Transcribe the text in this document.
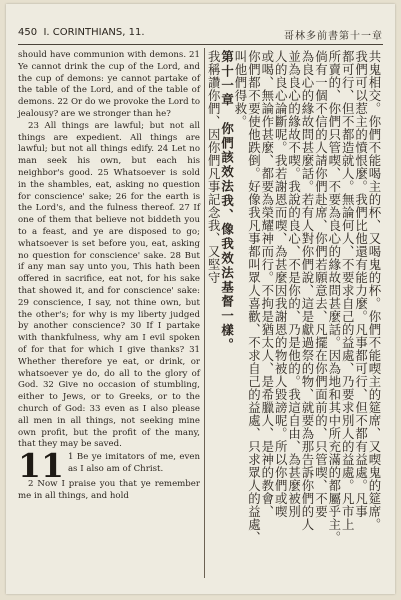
450 I. CORINTHIANS, 11.	哥林多前書第十一章

should have communion with demons. 21 Ye cannot drink the cup of the Lord, and the cup of demons: ye cannot partake of the table of the Lord, and of the table of demons. 22 Or do we provoke the Lord to jealousy? are we stronger than he?

23 All things are lawful; but not all things are expedient. All things are lawful; but not all things edify. 24 Let no man seek his own, but each his neighbor's good. 25 Whatsoever is sold in the shambles, eat, asking no question for conscience' sake; 26 for the earth is the Lord's, and the fulness thereof. 27 If one of them that believe not biddeth you to a feast, and ye are disposed to go; whatsoever is set before you, eat, asking no question for conscience' sake. 28 But if any man say unto you, This hath been offered in sacrifice, eat not, for his sake that showed it, and for conscience' sake: 29 conscience, I say, not thine own, but the other's; for why is my liberty judged by another conscience? 30 If I partake with thankfulness, why am I evil spoken of for that for which I give thanks? 31 Whether therefore ye eat, or drink, or whatsoever ye do, do all to the glory of God. 32 Give no occasion of stumbling, either to Jews, or to Greeks, or to the church of God: 33 even as I also please all men in all things, not seeking mine own profit, but the profit of the many, that they may be saved.

11 1 Be ye imitators of me, even as I also am of Christ.

2 Now I praise you that ye remember me in all things, and hold	共鬼相交。你們不能喝主的杯、又喝鬼的杯。你們不能喫主的筵席、又喫鬼的筵席。
我們可以惹主的憤恨麼。我們比他還有能力麼。凡事都可行、但不都有益處。凡事
都可行、但不都造就人。無論何人、不要求自己的益處、乃要求別人的益處。凡市上
所賣的、你們只管喫、不要為良心的緣故問甚麼話。因為地和其中所充滿的都屬乎主。
倘有一個不信的人請你們赴席、你們若願意去、凡擺在你們面前的、只管喫、不要
為良心的緣故問甚麼話。若有人對你們說、這是獻過祭的物、就要為那告訴你們的人
並為良心的緣故不喫。我說的良心、不是你的、乃是他的。我這自由、為甚麼被別
人的良心論斷呢。我若謝恩而喫、為甚麼因我謝恩的物被人毀謗呢。所以你們或喫
或喝、無論作甚麼、都要為榮耀神而行。不拘是猶太人、是希臘人、是神的教會、
你們都不要使他跌倒。好像我凡事都叫眾人喜歡、不求自己的益處、只求眾人的益處、
叫他們得救。
第十一章　你們該效法我、像我效法基督一樣。
我稱讚你們、因你們凡事記念我、又堅守
